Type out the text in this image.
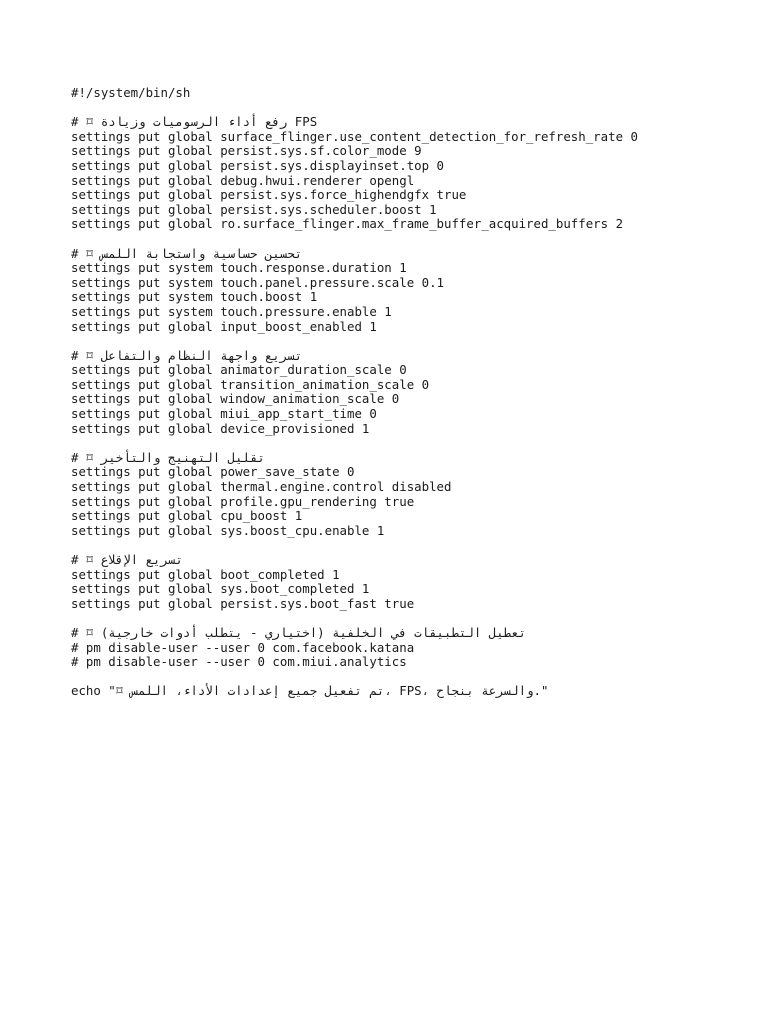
#!/system/bin/sh
# ⌑ رفع أداء الرسوميات وزيادة FPS
settings put global surface_flinger.use_content_detection_for_refresh_rate 0
settings put global persist.sys.sf.color_mode 9
settings put global persist.sys.displayinset.top 0
settings put global debug.hwui.renderer opengl
settings put global persist.sys.force_highendgfx true
settings put global persist.sys.scheduler.boost 1
settings put global ro.surface_flinger.max_frame_buffer_acquired_buffers 2
# ⌑ تحسين حساسية واستجابة اللمس
settings put system touch.response.duration 1
settings put system touch.panel.pressure.scale 0.1
settings put system touch.boost 1
settings put system touch.pressure.enable 1
settings put global input_boost_enabled 1
# ⌑ تسريع واجهة النظام والتفاعل
settings put global animator_duration_scale 0
settings put global transition_animation_scale 0
settings put global window_animation_scale 0
settings put global miui_app_start_time 0
settings put global device_provisioned 1
# ⌑ تقليل التهنيج والتأخير
settings put global power_save_state 0
settings put global thermal.engine.control disabled
settings put global profile.gpu_rendering true
settings put global cpu_boost 1
settings put global sys.boost_cpu.enable 1
# ⌑ تسريع الإقلاع
settings put global boot_completed 1
settings put global sys.boot_completed 1
settings put global persist.sys.boot_fast true
# ⌑ تعطيل التطبيقات في الخلفية (اختياري - يتطلب أدوات خارجية)
# pm disable-user --user 0 com.facebook.katana
# pm disable-user --user 0 com.miui.analytics
echo "⌑ تم تفعيل جميع إعدادات الأداء، اللمس، FPS، والسرعة بنجاح."
